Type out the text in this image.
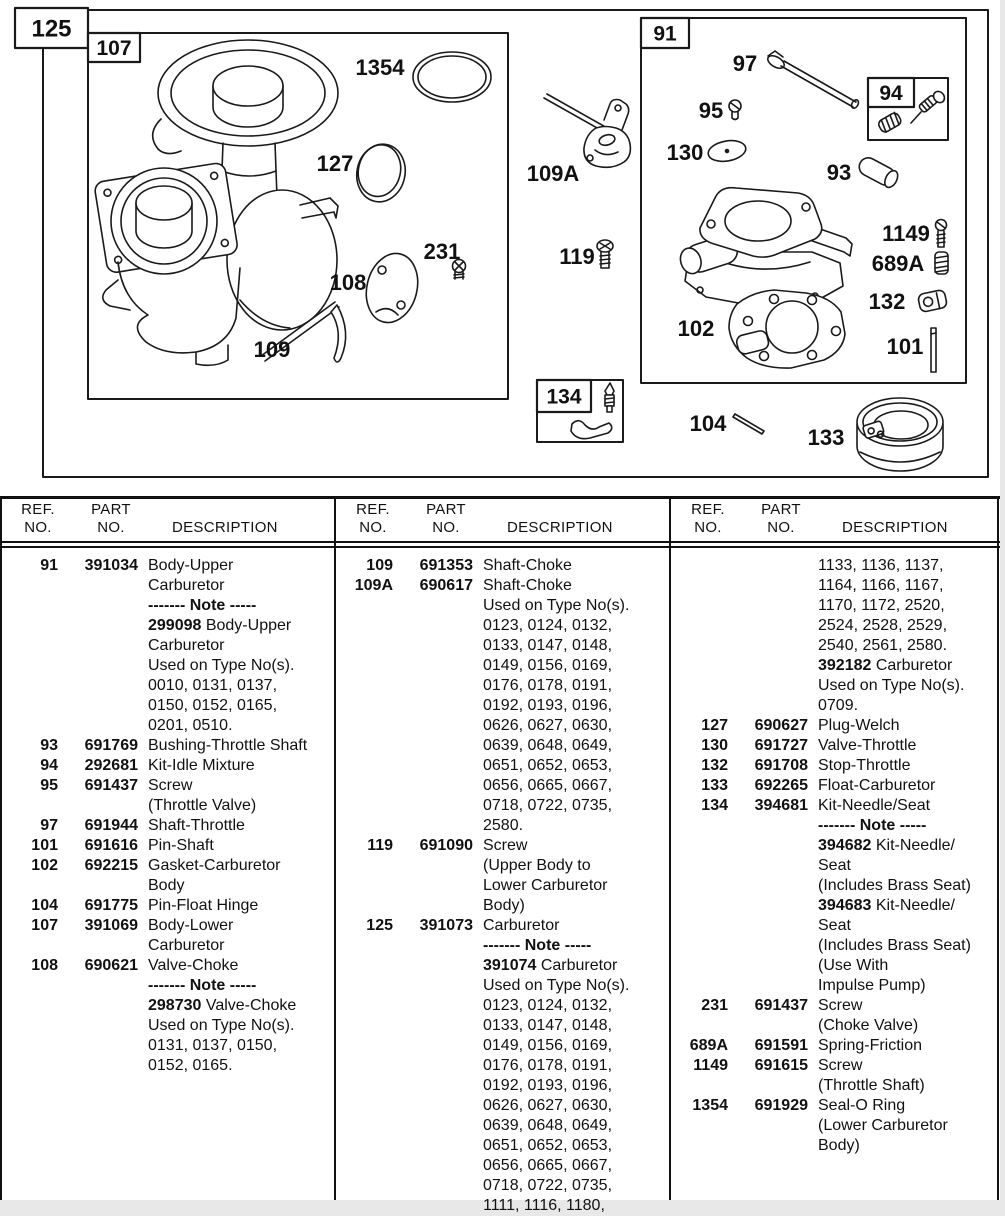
125
107
91
94
134
1354
127
231
108
109
109A
119
97
95
130
93
1149
689A
132
102
101
104
133
REF.
NO.
PART
NO.	DESCRIPTION
91	391034 Body-Upper
Carburetor
------- Note -----
299098 Body-Upper
Carburetor
Used on Type No(s).
0010, 0131, 0137,
0150, 0152, 0165,
0201, 0510.
93	691769 Bushing-Throttle Shaft
94	292681 Kit-Idle Mixture
95	691437 Screw
(Throttle Valve)
97	691944 Shaft-Throttle
101	691616 Pin-Shaft
102	692215 Gasket-Carburetor
Body
104	691775 Pin-Float Hinge
107	391069 Body-Lower
Carburetor
108	690621 Valve-Choke
------- Note -----
298730 Valve-Choke
Used on Type No(s).
0131, 0137, 0150,
0152, 0165.
REF.
NO.
PART
NO.	DESCRIPTION
109	691353 Shaft-Choke
109A	690617 Shaft-Choke
Used on Type No(s).
0123, 0124, 0132,
0133, 0147, 0148,
0149, 0156, 0169,
0176, 0178, 0191,
0192, 0193, 0196,
0626, 0627, 0630,
0639, 0648, 0649,
0651, 0652, 0653,
0656, 0665, 0667,
0718, 0722, 0735,
2580.
119	691090 Screw
(Upper Body to
Lower Carburetor
Body)
125	391073 Carburetor
------- Note -----
391074 Carburetor
Used on Type No(s).
0123, 0124, 0132,
0133, 0147, 0148,
0149, 0156, 0169,
0176, 0178, 0191,
0192, 0193, 0196,
0626, 0627, 0630,
0639, 0648, 0649,
0651, 0652, 0653,
0656, 0665, 0667,
0718, 0722, 0735,
1111, 1116, 1180,
REF.
NO.
PART
NO.	DESCRIPTION
1133, 1136, 1137,
1164, 1166, 1167,
1170, 1172, 2520,
2524, 2528, 2529,
2540, 2561, 2580.
392182 Carburetor
Used on Type No(s).
0709.
127	690627 Plug-Welch
130	691727 Valve-Throttle
132	691708 Stop-Throttle
133	692265 Float-Carburetor
134	394681 Kit-Needle/Seat
------- Note -----
394682 Kit-Needle/
Seat
(Includes Brass Seat)
394683 Kit-Needle/
Seat
(Includes Brass Seat)
(Use With
Impulse Pump)
231	691437 Screw
(Choke Valve)
689A	691591 Spring-Friction
1149	691615 Screw
(Throttle Shaft)
1354	691929 Seal-O Ring
(Lower Carburetor
Body)
